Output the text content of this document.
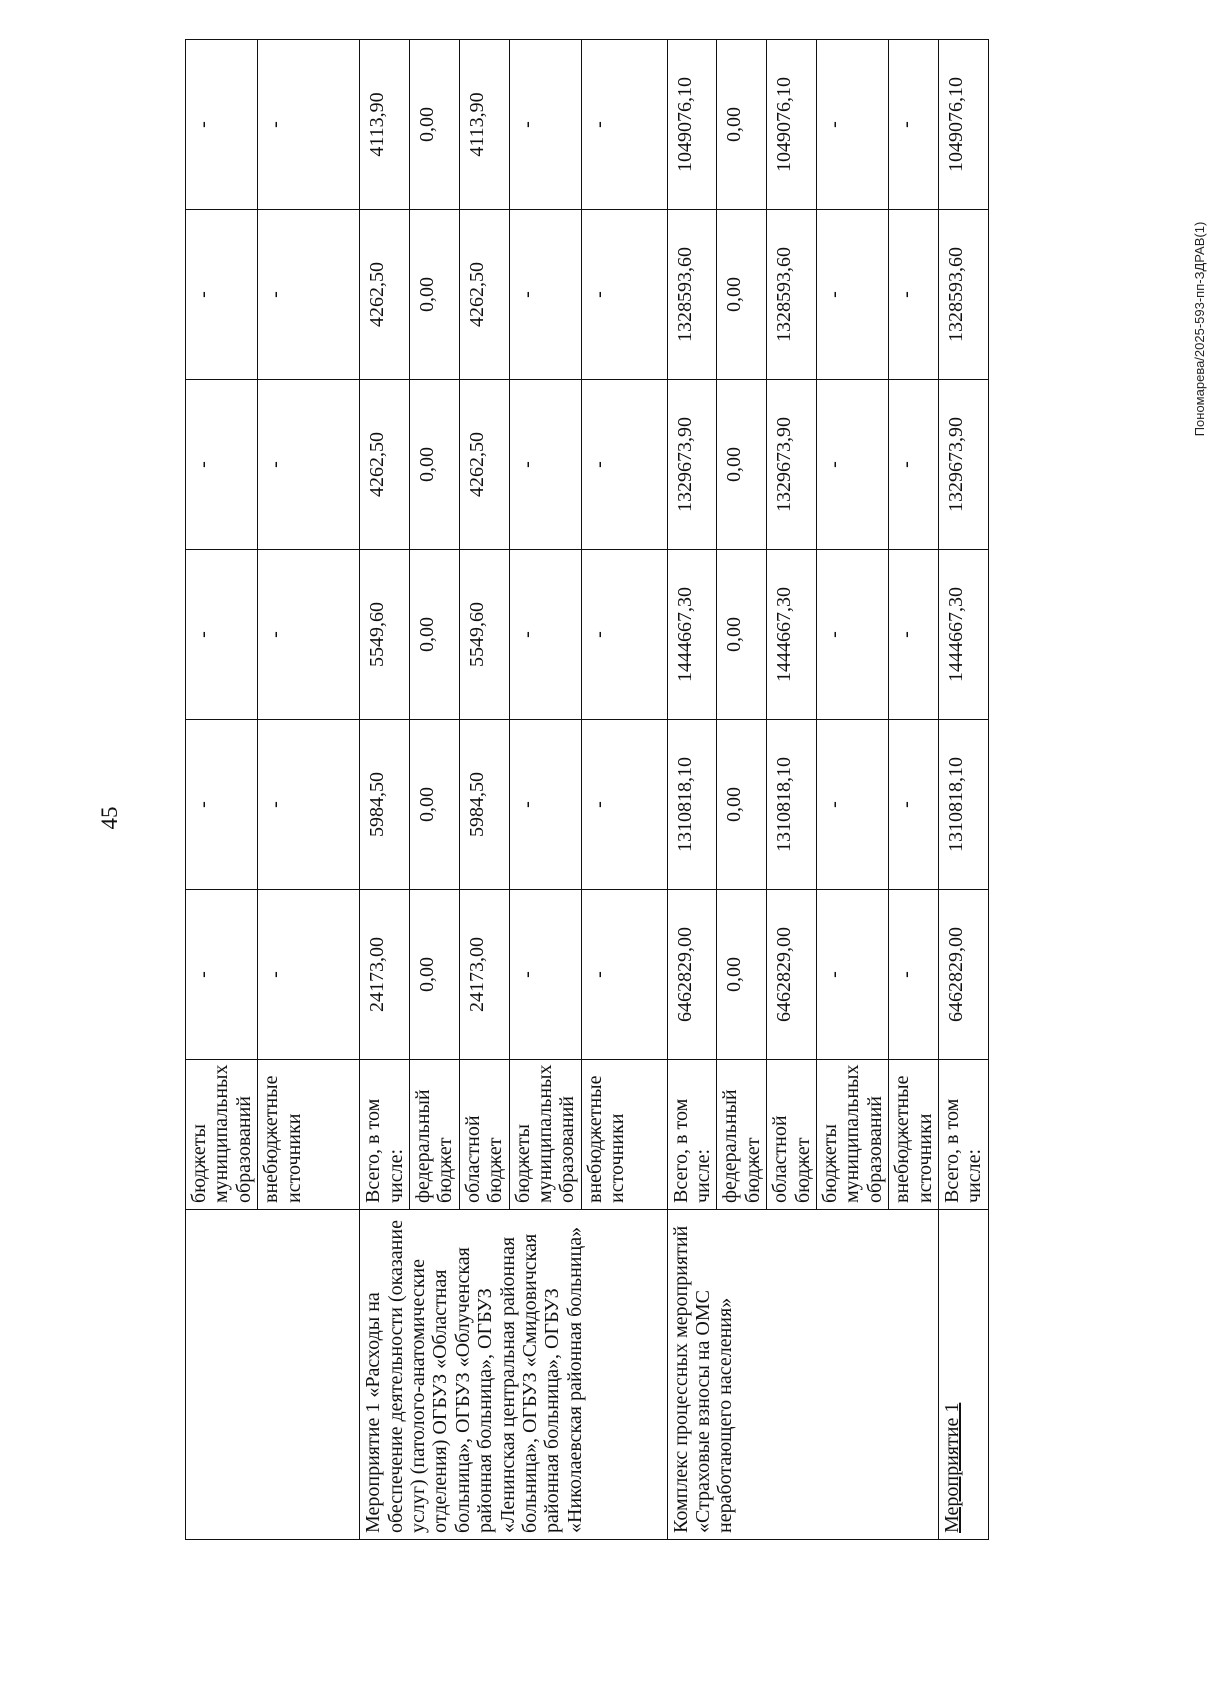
45
Пономарева/2025-593-пп-ЗДРАВ(1)
	бюджеты муниципальных образований	-	-	-	-	-	-
	внебюджетные источники	-	-	-	-	-	-
Мероприятие 1 «Расходы на обеспечение деятельности (оказание услуг) (патолого-анатомические отделения) ОГБУЗ «Областная больница», ОГБУЗ «Облученская районная больница», ОГБУЗ «Ленинская центральная районная больница», ОГБУЗ «Смидовичская районная больница», ОГБУЗ «Николаевская районная больница»	Всего, в том числе:	24173,00	5984,50	5549,60	4262,50	4262,50	4113,90
	федеральный бюджет	0,00	0,00	0,00	0,00	0,00	0,00
	областной бюджет	24173,00	5984,50	5549,60	4262,50	4262,50	4113,90
	бюджеты муниципальных образований	-	-	-	-	-	-
	внебюджетные источники	-	-	-	-	-	-
Комплекс процессных мероприятий «Страховые взносы на ОМС неработающего населения»	Всего, в том числе:	6462829,00	1310818,10	1444667,30	1329673,90	1328593,60	1049076,10
	федеральный бюджет	0,00	0,00	0,00	0,00	0,00	0,00
	областной бюджет	6462829,00	1310818,10	1444667,30	1329673,90	1328593,60	1049076,10
	бюджеты муниципальных образований	-	-	-	-	-	-
	внебюджетные источники	-	-	-	-	-	-
Мероприятие 1	Всего, в том числе:	6462829,00	1310818,10	1444667,30	1329673,90	1328593,60	1049076,10
